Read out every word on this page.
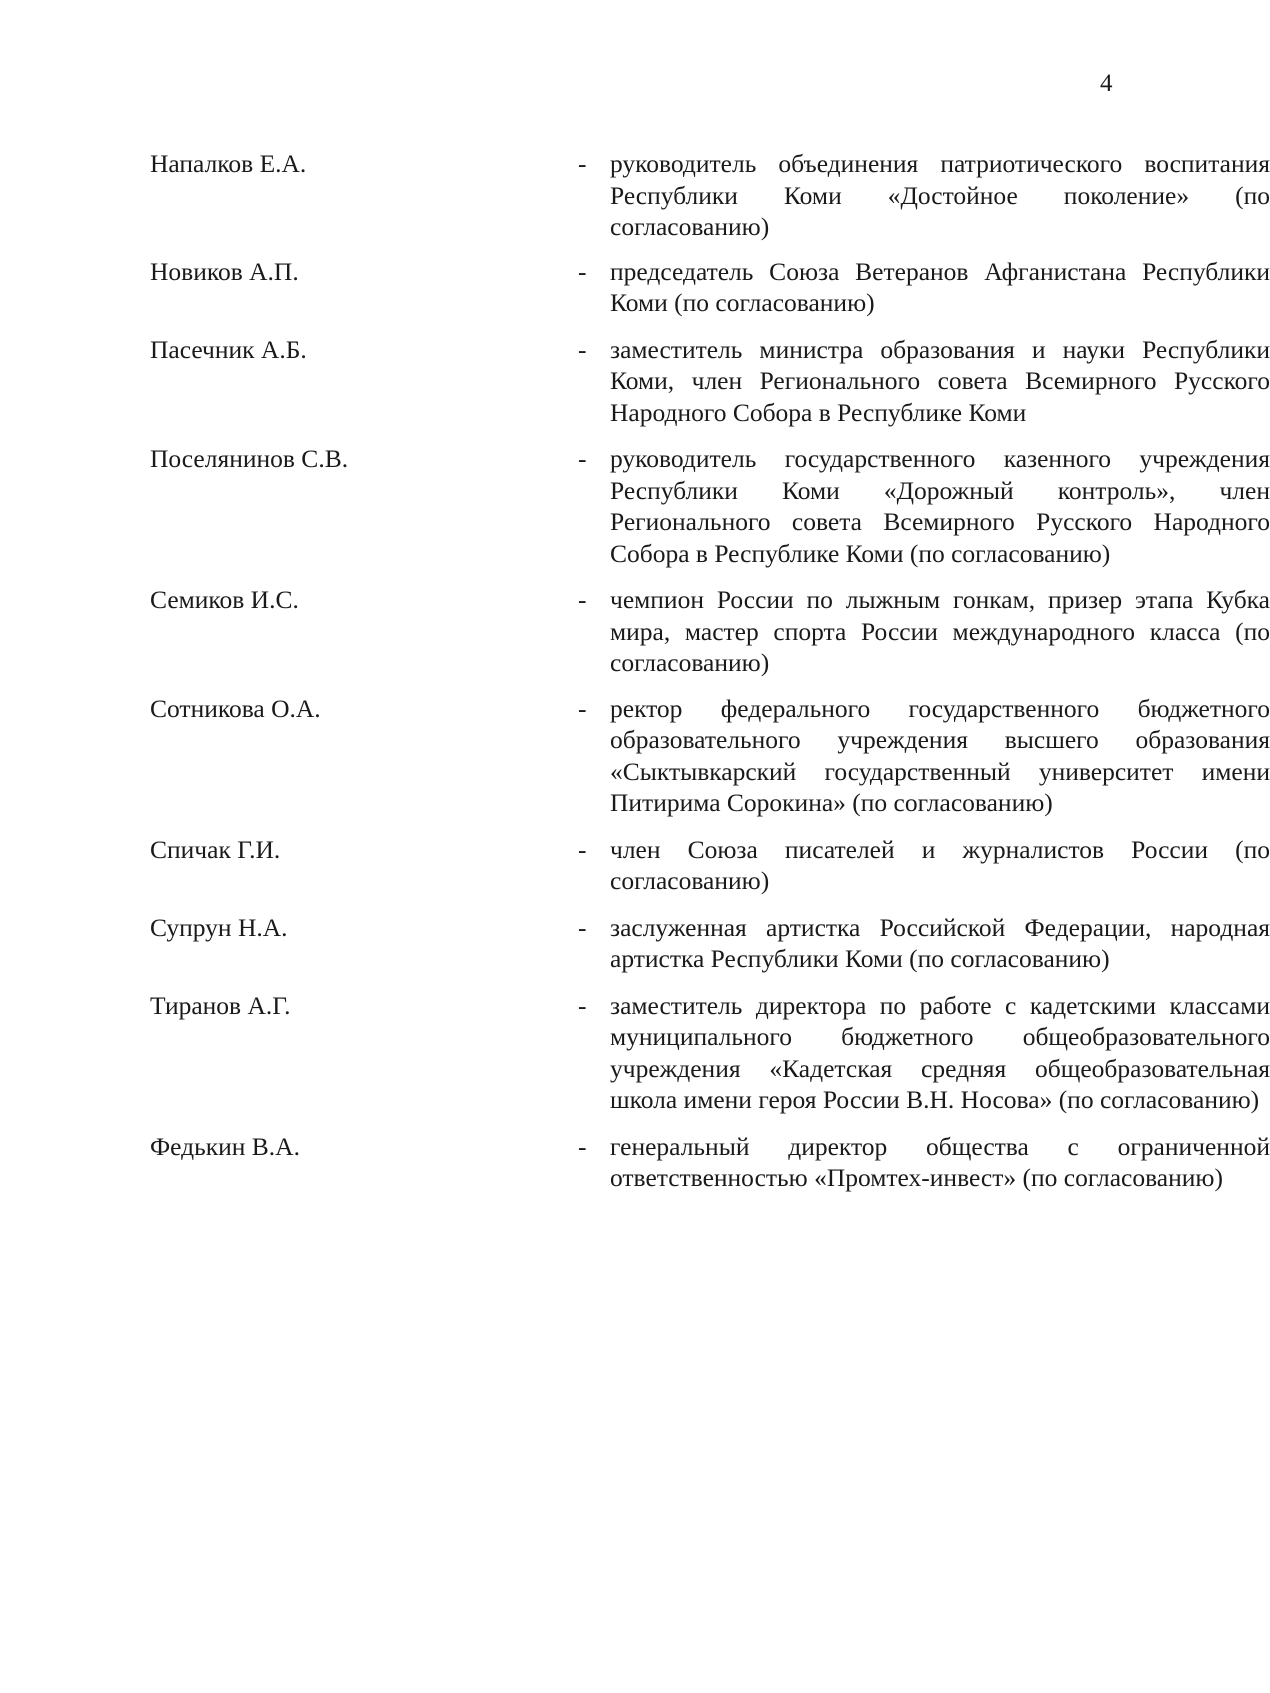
4
Напалков Е.А.	- руководитель объединения патриотического воспитания Республики Коми «Достойное поколение» (по согласованию)
Новиков А.П.	- председатель Союза Ветеранов Афганистана Республики Коми (по согласованию)
Пасечник А.Б.	- заместитель министра образования и науки Республики Коми, член Регионального совета Всемирного Русского Народного Собора в Республике Коми
Поселянинов С.В.	- руководитель государственного казенного учреждения Республики Коми «Дорожный контроль», член Регионального совета Всемирного Русского Народного Собора в Республике Коми (по согласованию)
Семиков И.С.	- чемпион России по лыжным гонкам, призер этапа Кубка мира, мастер спорта России международного класса (по согласованию)
Сотникова О.А.	- ректор федерального государственного бюджетного образовательного учреждения высшего образования «Сыктывкарский государственный университет имени Питирима Сорокина» (по согласованию)
Спичак Г.И.	- член Союза писателей и журналистов России (по согласованию)
Супрун Н.А.	- заслуженная артистка Российской Федерации, народная артистка Республики Коми (по согласованию)
Тиранов А.Г.	- заместитель директора по работе с кадетскими классами муниципального бюджетного общеобразовательного учреждения «Кадетская средняя общеобразовательная школа имени героя России В.Н. Носова» (по согласованию)
Федькин В.А.	- генеральный директор общества с ограниченной ответственностью «Промтех-инвест» (по согласованию)
